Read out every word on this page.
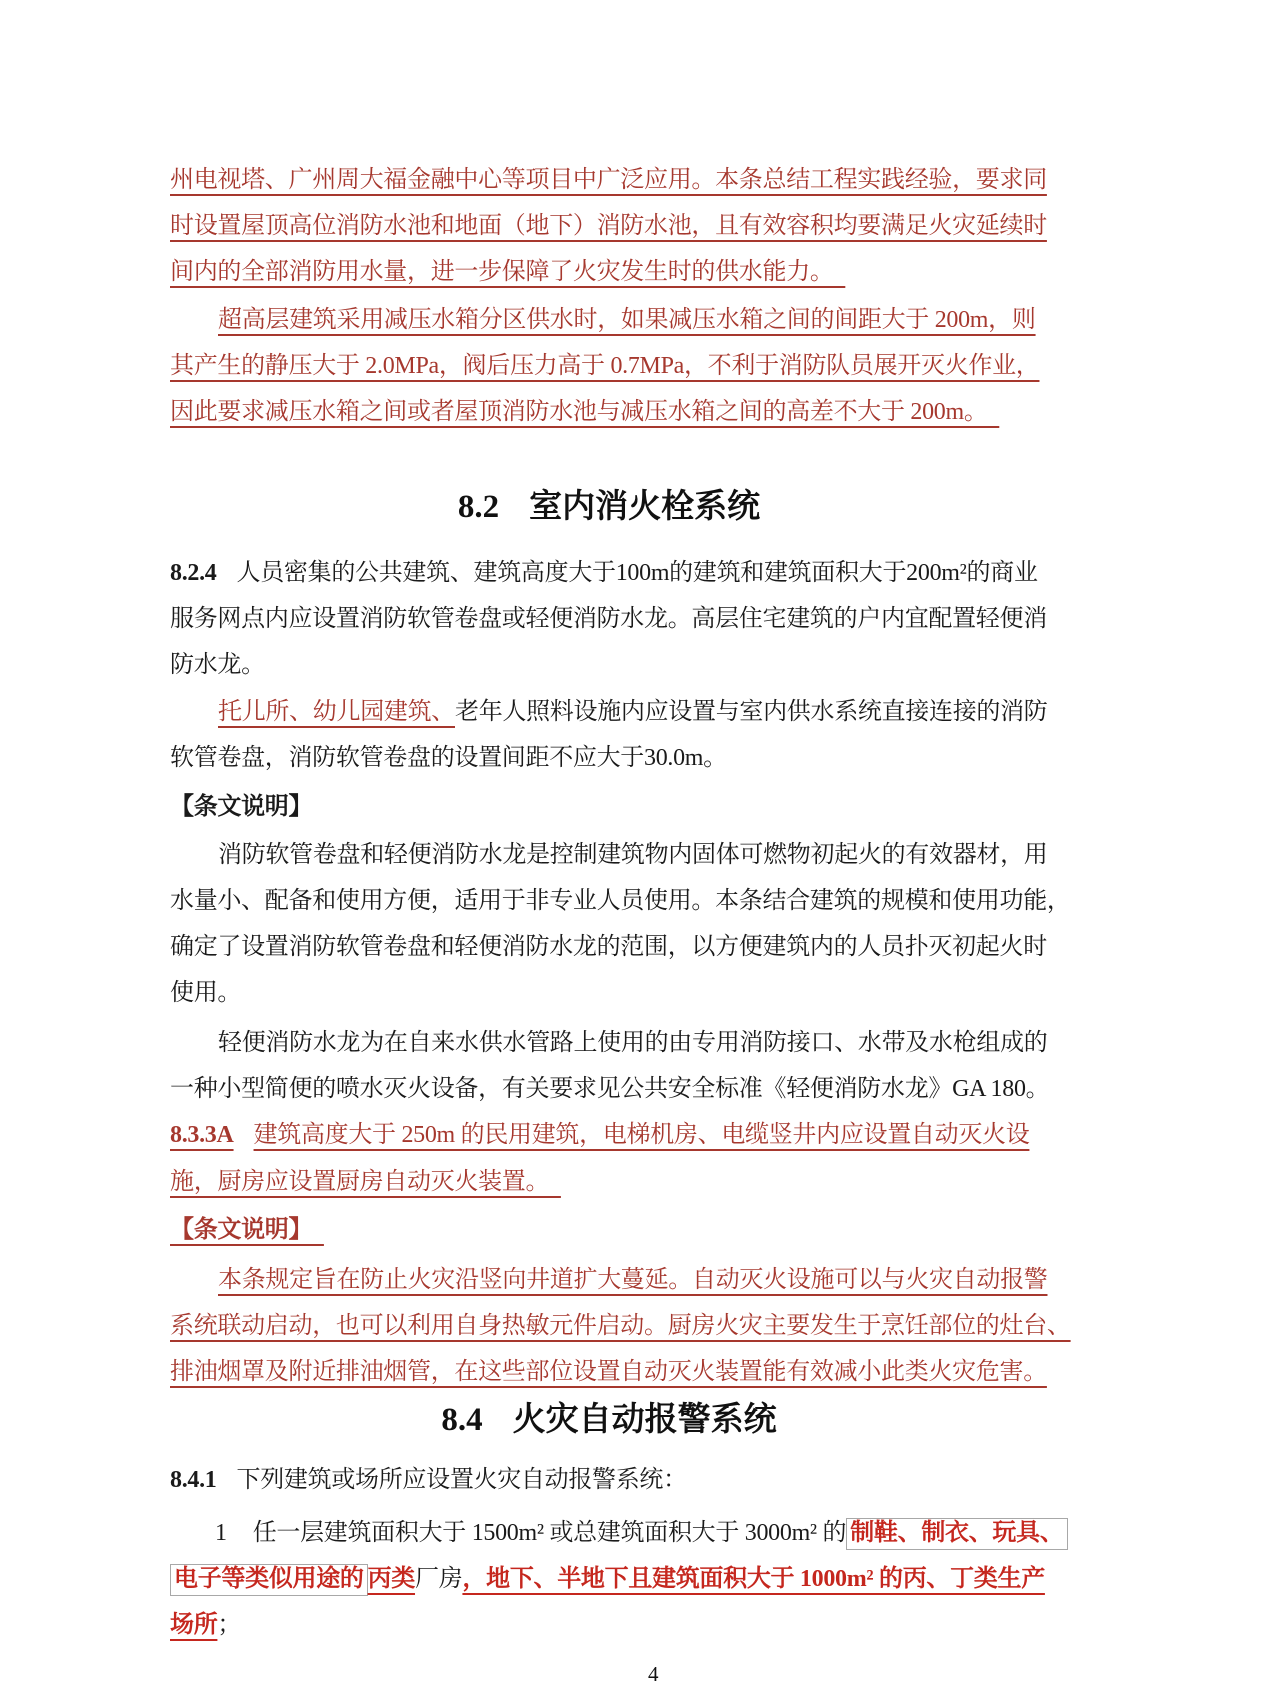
州电视塔、广州周大福金融中心等项目中广泛应用。本条总结工程实践经验，要求同
时设置屋顶高位消防水池和地面（地下）消防水池，且有效容积均要满足火灾延续时
间内的全部消防用水量，进一步保障了火灾发生时的供水能力。　
超高层建筑采用减压水箱分区供水时，如果减压水箱之间的间距大于 200m，则
其产生的静压大于 2.0MPa，阀后压力高于 0.7MPa，不利于消防队员展开灭火作业，
因此要求减压水箱之间或者屋顶消防水池与减压水箱之间的高差不大于 200m。　
8.2 室内消火栓系统
8.2.4 人员密集的公共建筑、建筑高度大于100m的建筑和建筑面积大于200m²的商业
服务网点内应设置消防软管卷盘或轻便消防水龙。高层住宅建筑的户内宜配置轻便消
防水龙。
托儿所、幼儿园建筑、老年人照料设施内应设置与室内供水系统直接连接的消防
软管卷盘，消防软管卷盘的设置间距不应大于30.0m。
【条文说明】
消防软管卷盘和轻便消防水龙是控制建筑物内固体可燃物初起火的有效器材，用
水量小、配备和使用方便，适用于非专业人员使用。本条结合建筑的规模和使用功能，
确定了设置消防软管卷盘和轻便消防水龙的范围，以方便建筑内的人员扑灭初起火时
使用。
轻便消防水龙为在自来水供水管路上使用的由专用消防接口、水带及水枪组成的
一种小型简便的喷水灭火设备，有关要求见公共安全标准《轻便消防水龙》GA 180。
8.3.3A 建筑高度大于 250m 的民用建筑，电梯机房、电缆竖井内应设置自动灭火设
施，厨房应设置厨房自动灭火装置。　
【条文说明】　
本条规定旨在防止火灾沿竖向井道扩大蔓延。自动灭火设施可以与火灾自动报警
系统联动启动，也可以利用自身热敏元件启动。厨房火灾主要发生于烹饪部位的灶台、
排油烟罩及附近排油烟管，在这些部位设置自动灭火装置能有效减小此类火灾危害。
8.4 火灾自动报警系统
8.4.1 下列建筑或场所应设置火灾自动报警系统：
1 任一层建筑面积大于 1500m² 或总建筑面积大于 3000m² 的 制鞋、制衣、玩具、
电子等类似用途的 丙类厂房，地下、半地下且建筑面积大于 1000m² 的丙、丁类生产
场所；
4
